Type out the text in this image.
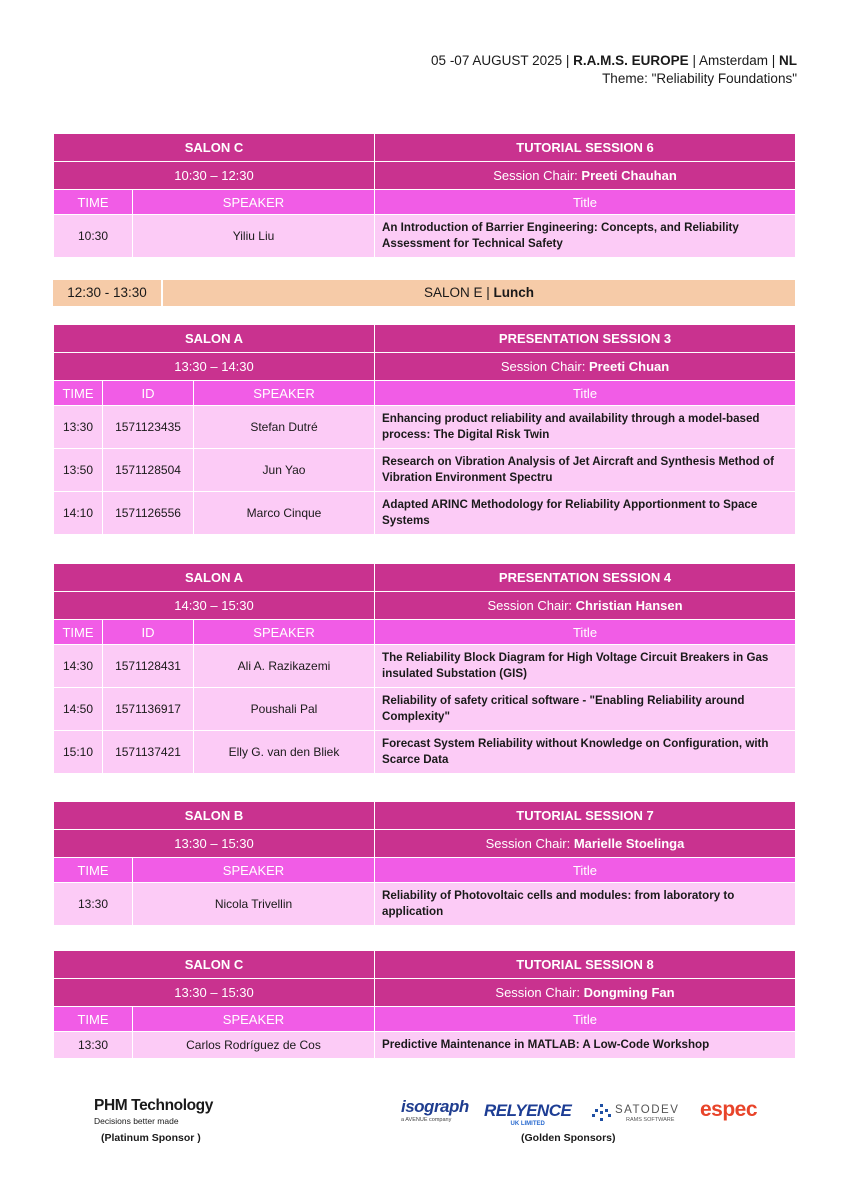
05 -07 AUGUST 2025 | R.A.M.S. EUROPE | Amsterdam | NL
Theme: "Reliability Foundations"
SALON C		TUTORIAL SESSION 6
10:30 – 12:30		Session Chair: Preeti Chauhan
TIME	SPEAKER	Title
10:30	Yiliu Liu	An Introduction of Barrier Engineering: Concepts, and Reliability Assessment for Technical Safety
12:30 - 13:30	SALON E | Lunch
SALON A			PRESENTATION SESSION 3
13:30 – 14:30			Session Chair: Preeti Chuan
TIME	ID	SPEAKER	Title
13:30	1571123435	Stefan Dutré	Enhancing product reliability and availability through a model-based process: The Digital Risk Twin
13:50	1571128504	Jun Yao	Research on Vibration Analysis of Jet Aircraft and Synthesis Method of Vibration Environment Spectru
14:10	1571126556	Marco Cinque	Adapted ARINC Methodology for Reliability Apportionment to Space Systems
SALON A			PRESENTATION SESSION 4
14:30 – 15:30			Session Chair: Christian Hansen
TIME	ID	SPEAKER	Title
14:30	1571128431	Ali A. Razikazemi	The Reliability Block Diagram for High Voltage Circuit Breakers in Gas insulated Substation (GIS)
14:50	1571136917	Poushali Pal	Reliability of safety critical software - "Enabling Reliability around Complexity"
15:10	1571137421	Elly G. van den Bliek	Forecast System Reliability without Knowledge on Configuration, with Scarce Data
SALON B		TUTORIAL SESSION 7
13:30 – 15:30		Session Chair: Marielle Stoelinga
TIME	SPEAKER	Title
13:30	Nicola Trivellin	Reliability of Photovoltaic cells and modules: from laboratory to application
SALON C		TUTORIAL SESSION 8
13:30 – 15:30		Session Chair: Dongming Fan
TIME	SPEAKER	Title
13:30	Carlos Rodríguez de Cos	Predictive Maintenance in MATLAB: A Low-Code Workshop
PHM Technology
Decisions better made
(Platinum Sponsor )
isograph
a AVENUE company	RELYENCE
UK LIMITED
SATODEV
RAMS SOFTWARE espec
(Golden Sponsors)
